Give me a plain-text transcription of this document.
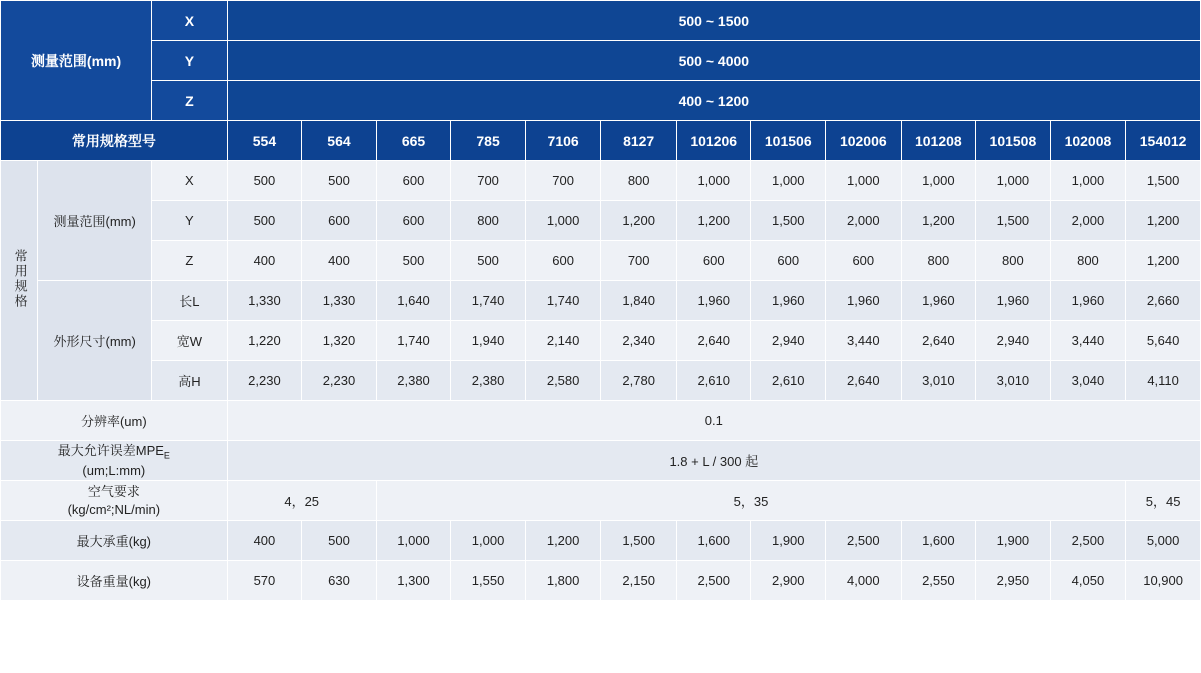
测量范围(mm)		X	500 ~ 1500												
		Y	500 ~ 4000												
		Z	400 ~ 1200												
常用规格型号			554	564	665	785	7106	8127	101206	101506	102006	101208	101508	102008	154012
常用规格	测量范围(mm)	X	500	500	600	700	700	800	1,000	1,000	1,000	1,000	1,000	1,000	1,500
		Y	500	600	600	800	1,000	1,200	1,200	1,500	2,000	1,200	1,500	2,000	1,200
		Z	400	400	500	500	600	700	600	600	600	800	800	800	1,200
	外形尺寸(mm)	长L	1,330	1,330	1,640	1,740	1,740	1,840	1,960	1,960	1,960	1,960	1,960	1,960	2,660
		宽W	1,220	1,320	1,740	1,940	2,140	2,340	2,640	2,940	3,440	2,640	2,940	3,440	5,640
		高H	2,230	2,230	2,380	2,380	2,580	2,780	2,610	2,610	2,640	3,010	3,010	3,040	4,110
分辨率(um)			0.1												
最大允许误差$MPE_E$
(um;L:mm)			1.8 + L / 300 起												
空气要求
(kg/cm²;NL/min)			4，25		5，35										5，45
最大承重(kg)			400	500	1,000	1,000	1,200	1,500	1,600	1,900	2,500	1,600	1,900	2,500	5,000
设备重量(kg)			570	630	1,300	1,550	1,800	2,150	2,500	2,900	4,000	2,550	2,950	4,050	10,900
